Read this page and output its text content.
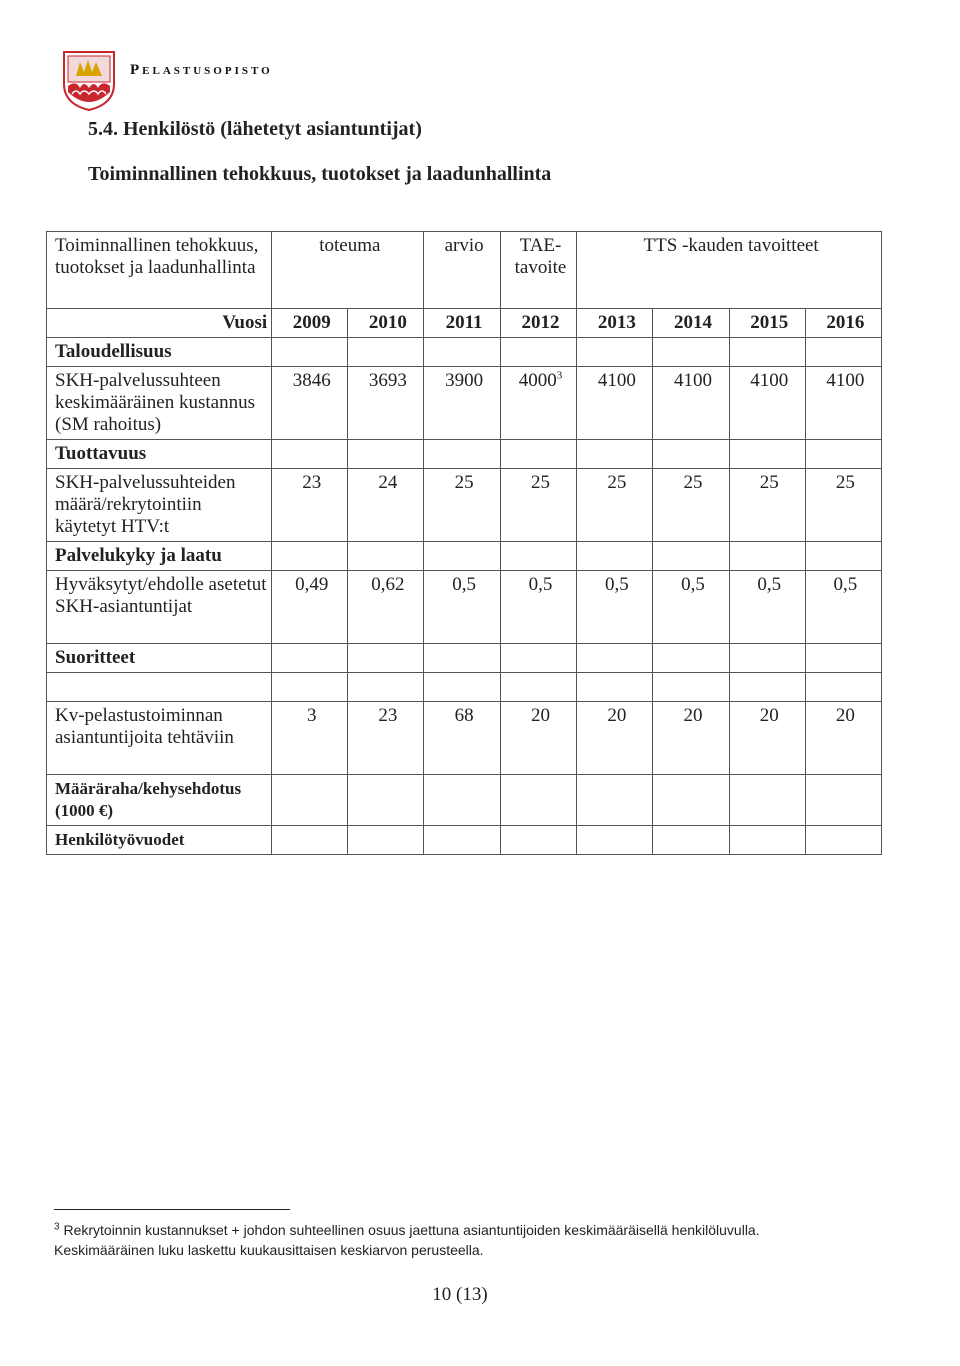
Pelastusopisto
5.4. Henkilöstö (lähetetyt asiantuntijat)
Toiminnallinen tehokkuus, tuotokset ja laadunhallinta
Toiminnallinen tehokkuus, tuotokset ja laadunhallinta	toteuma		arvio	TAE-tavoite	TTS -kauden tavoitteet			
Vuosi	2009	2010	2011	2012	2013	2014	2015	2016
Taloudellisuus								
SKH-palvelussuhteen keskimääräinen kustannus (SM rahoitus)	3846	3693	3900	4000$^3$	4100	4100	4100	4100
Tuottavuus								
SKH-palvelussuhteiden määrä/rekrytointiin käytetyt HTV:t	23	24	25	25	25	25	25	25
Palvelukyky ja laatu								
Hyväksytyt/ehdolle asetetut SKH-asiantuntijat	0,49	0,62	0,5	0,5	0,5	0,5	0,5	0,5
Suoritteet								

Kv-pelastustoiminnan asiantuntijoita tehtäviin	3	23	68	20	20	20	20	20
Määräraha/kehysehdotus (1000 €)								
Henkilötyövuodet								
$^3$ Rekrytoinnin kustannukset + johdon suhteellinen osuus jaettuna asiantuntijoiden keskimääräisellä henkilöluvulla.
Keskimääräinen luku laskettu kuukausittaisen keskiarvon perusteella.
10 (13)
